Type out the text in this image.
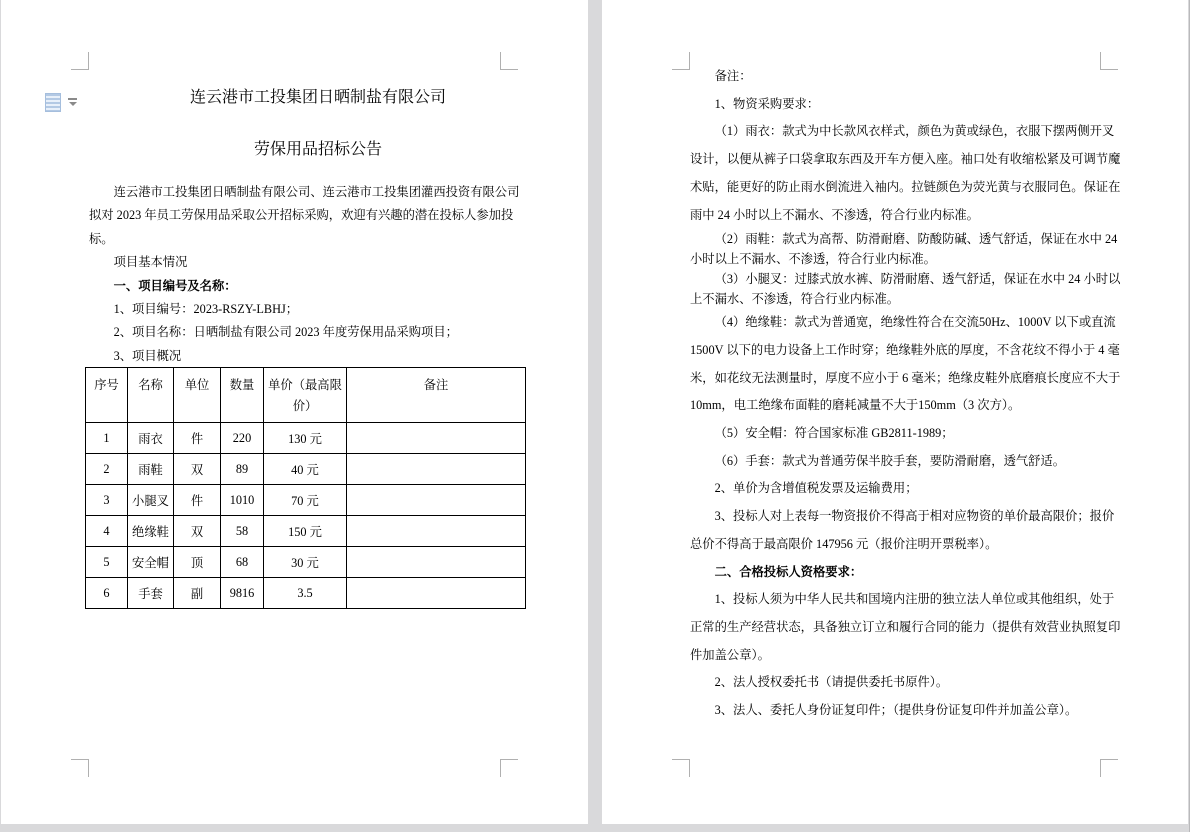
连云港市工投集团日晒制盐有限公司
劳保用品招标公告
连云港市工投集团日晒制盐有限公司、连云港市工投集团灌西投资有限公司
拟对 2023 年员工劳保用品采取公开招标采购，欢迎有兴趣的潜在投标人参加投
标。
项目基本情况
一、项目编号及名称：
1、项目编号：2023-RSZY-LBHJ；
2、项目名称：日晒制盐有限公司 2023 年度劳保用品采购项目；
3、项目概况
序号	名称	单位	数量	单价（最高限价）	备注
1	雨衣	件	220	130 元	
2	雨鞋	双	89	40 元	
3	小腿叉	件	1010	70 元	
4	绝缘鞋	双	58	150 元	
5	安全帽	顶	68	30 元	
6	手套	副	9816	3.5	
备注：
1、物资采购要求：
（1）雨衣：款式为中长款风衣样式，颜色为黄或绿色，衣服下摆两侧开叉
设计，以便从裤子口袋拿取东西及开车方便入座。袖口处有收缩松紧及可调节魔
术贴，能更好的防止雨水倒流进入袖内。拉链颜色为荧光黄与衣服同色。保证在
雨中 24 小时以上不漏水、不渗透，符合行业内标准。
（2）雨鞋：款式为高帮、防滑耐磨、防酸防碱、透气舒适，保证在水中 24
小时以上不漏水、不渗透，符合行业内标准。
（3）小腿叉：过膝式放水裤、防滑耐磨、透气舒适，保证在水中 24 小时以
上不漏水、不渗透，符合行业内标准。
（4）绝缘鞋：款式为普通宽，绝缘性符合在交流50Hz、1000V 以下或直流
1500V 以下的电力设备上工作时穿；绝缘鞋外底的厚度，不含花纹不得小于 4 毫
米，如花纹无法测量时，厚度不应小于 6 毫米；绝缘皮鞋外底磨痕长度应不大于
10mm，电工绝缘布面鞋的磨耗减量不大于150mm（3 次方）。
（5）安全帽：符合国家标准 GB2811-1989；
（6）手套：款式为普通劳保半胶手套，要防滑耐磨，透气舒适。
2、单价为含增值税发票及运输费用；
3、投标人对上表每一物资报价不得高于相对应物资的单价最高限价；报价
总价不得高于最高限价 147956 元（报价注明开票税率）。
二、合格投标人资格要求：
1、投标人须为中华人民共和国境内注册的独立法人单位或其他组织，处于
正常的生产经营状态，具备独立订立和履行合同的能力（提供有效营业执照复印
件加盖公章）。
2、法人授权委托书（请提供委托书原件）。
3、法人、委托人身份证复印件；（提供身份证复印件并加盖公章）。
